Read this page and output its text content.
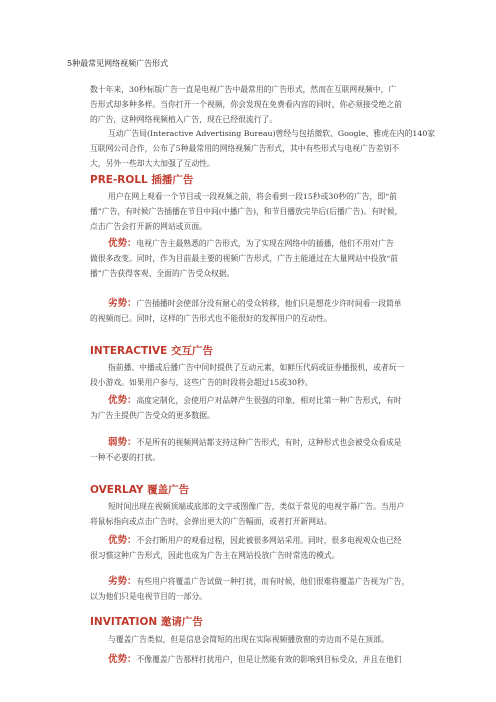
5种最常见网络视频广告形式
数十年来，30秒标版广告一直是电视广告中最常用的广告形式，然而在互联网视频中，广
告形式却多种多样。当你打开一个视频，你会发现在免费看内容的同时，你必须接受绝之前
的广告，这种网络视频植入广告，现在已经很流行了。
互动广告局(Interactive Advertising Bureau)曾经与包括微软、Google、雅虎在内的140家
互联网公司合作，公布了5种最常用的网络视频广告形式，其中有些形式与电视广告差别不
大，另外一些却大大加强了互动性。
PRE-ROLL 插播广告
用户在网上观看一个节目或一段视频之前，将会看到一段15秒或30秒的广告，即“前
播”广告，有时候广告插播在节目中间(中播广告)，和节目播放完毕后(后播广告)。有时候，
点击广告会打开新的网站或页面。
优势：电视广告主最熟悉的广告形式，为了实现在网络中的插播，他们不用对广告
做很多改变。同时，作为目前最主要的视频广告形式，广告主能通过在大量网站中投放“前
播”广告获得客观、全面的广告受众权据。
劣势：广告插播时会使部分没有耐心的受众转移，他们只是想花少许时间看一段简单
的视频而已。同时，这样的广告形式也不能很好的发挥用户的互动性。
INTERACTIVE 交互广告
指前播、中播或后播广告中同时提供了互动元素，如鲜压代码或证券播报机，或者玩一
段小游戏。如果用户参与，这些广告的时段将会超过15或30秒。
优势：高度定制化，会使用户对品牌产生很强的印象，相对比第一种广告形式，有时
为广告主提供广告受众的更多数据。
弱势：不是所有的视频网站都支持这种广告形式，有时，这种形式也会被受众看成是
一种不必要的打扰。
OVERLAY 覆盖广告
短时间出现在视频顶端或底部的文字或图像广告，类似于常见的电视字幕广告。当用户
将鼠标指向或点击广告时，会弹出更大的广告幅面，或者打开新网站。
优势：不会打断用户的观看过程，因此被很多网站采用。同时，很多电视观众也已经
很习惯这种广告形式，因此也成为广告主在网站投放广告时常选的模式。
劣势：有些用户将覆盖广告试做一种打扰，而有时候，他们很难将覆盖广告视为广告，
以为他们只是电视节目的一部分。
INVITATION 邀请广告
与覆盖广告类似，但是信息会简短的出现在实际视频播放窗的旁边而不是在顶部。
优势：不像覆盖广告那样打扰用户，但是让然能有效的影响到目标受众，并且在他们
